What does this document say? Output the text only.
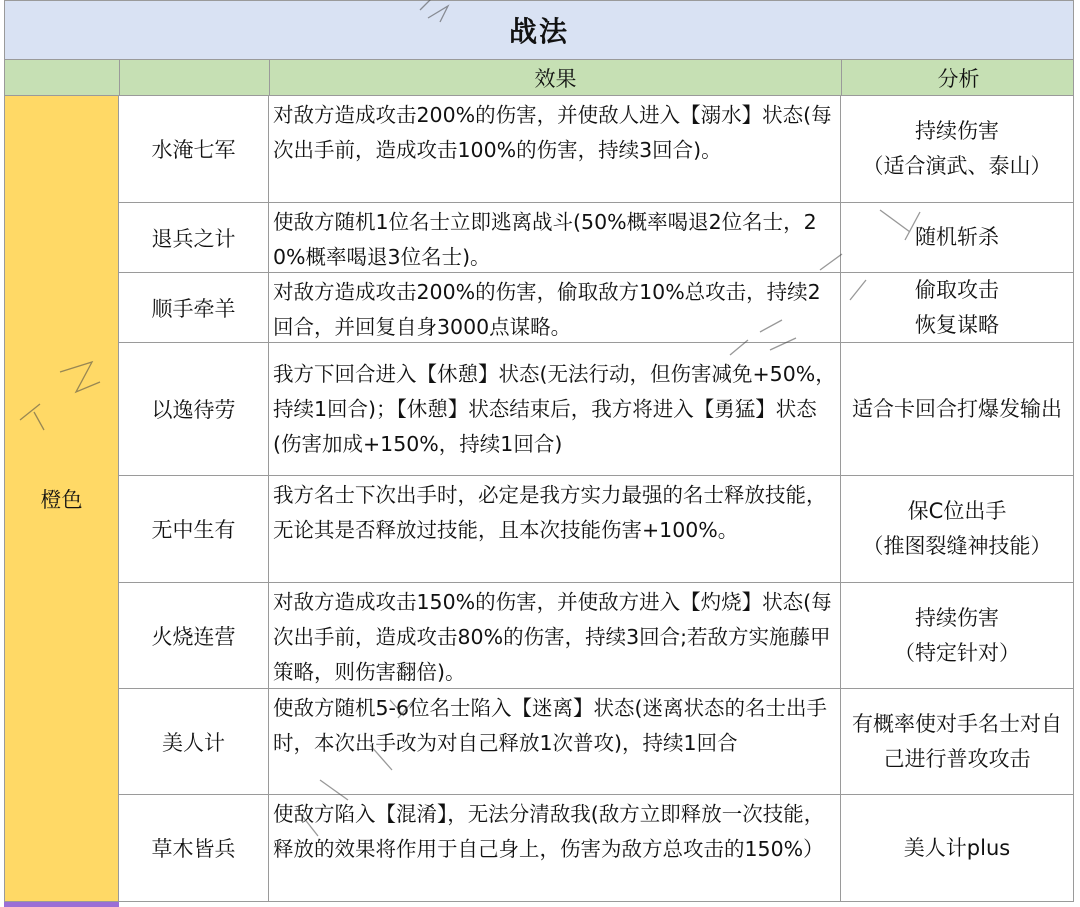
战法
效果	分析
橙色
水淹七军
对敌方造成攻击200%的伤害，并使敌人进入【溺水】状态(每次出手前，造成攻击100%的伤害，持续3回合)。
持续伤害
（适合演武、泰山）
退兵之计
使敌方随机1位名士立即逃离战斗(50%概率喝退2位名士，20%概率喝退3位名士)。
随机斩杀
顺手牵羊
对敌方造成攻击200%的伤害，偷取敌方10%总攻击，持续2回合，并回复自身3000点谋略。
偷取攻击
恢复谋略
以逸待劳
我方下回合进入【休憩】状态(无法行动，但伤害减免+50%，持续1回合)；【休憩】状态结束后，我方将进入【勇猛】状态(伤害加成+150%，持续1回合)
适合卡回合打爆发输出
无中生有
我方名士下次出手时，必定是我方实力最强的名士释放技能，无论其是否释放过技能，且本次技能伤害+100%。
保C位出手
（推图裂缝神技能）
火烧连营
对敌方造成攻击150%的伤害，并使敌方进入【灼烧】状态(每次出手前，造成攻击80%的伤害，持续3回合;若敌方实施藤甲策略，则伤害翻倍)。
持续伤害
（特定针对）
美人计
使敌方随机5-6位名士陷入【迷离】状态(迷离状态的名士出手时，本次出手改为对自己释放1次普攻)，持续1回合
有概率使对手名士对自己进行普攻攻击
草木皆兵
使敌方陷入【混淆】，无法分清敌我(敌方立即释放一次技能，释放的效果将作用于自己身上，伤害为敌方总攻击的150%）	美人计plus
